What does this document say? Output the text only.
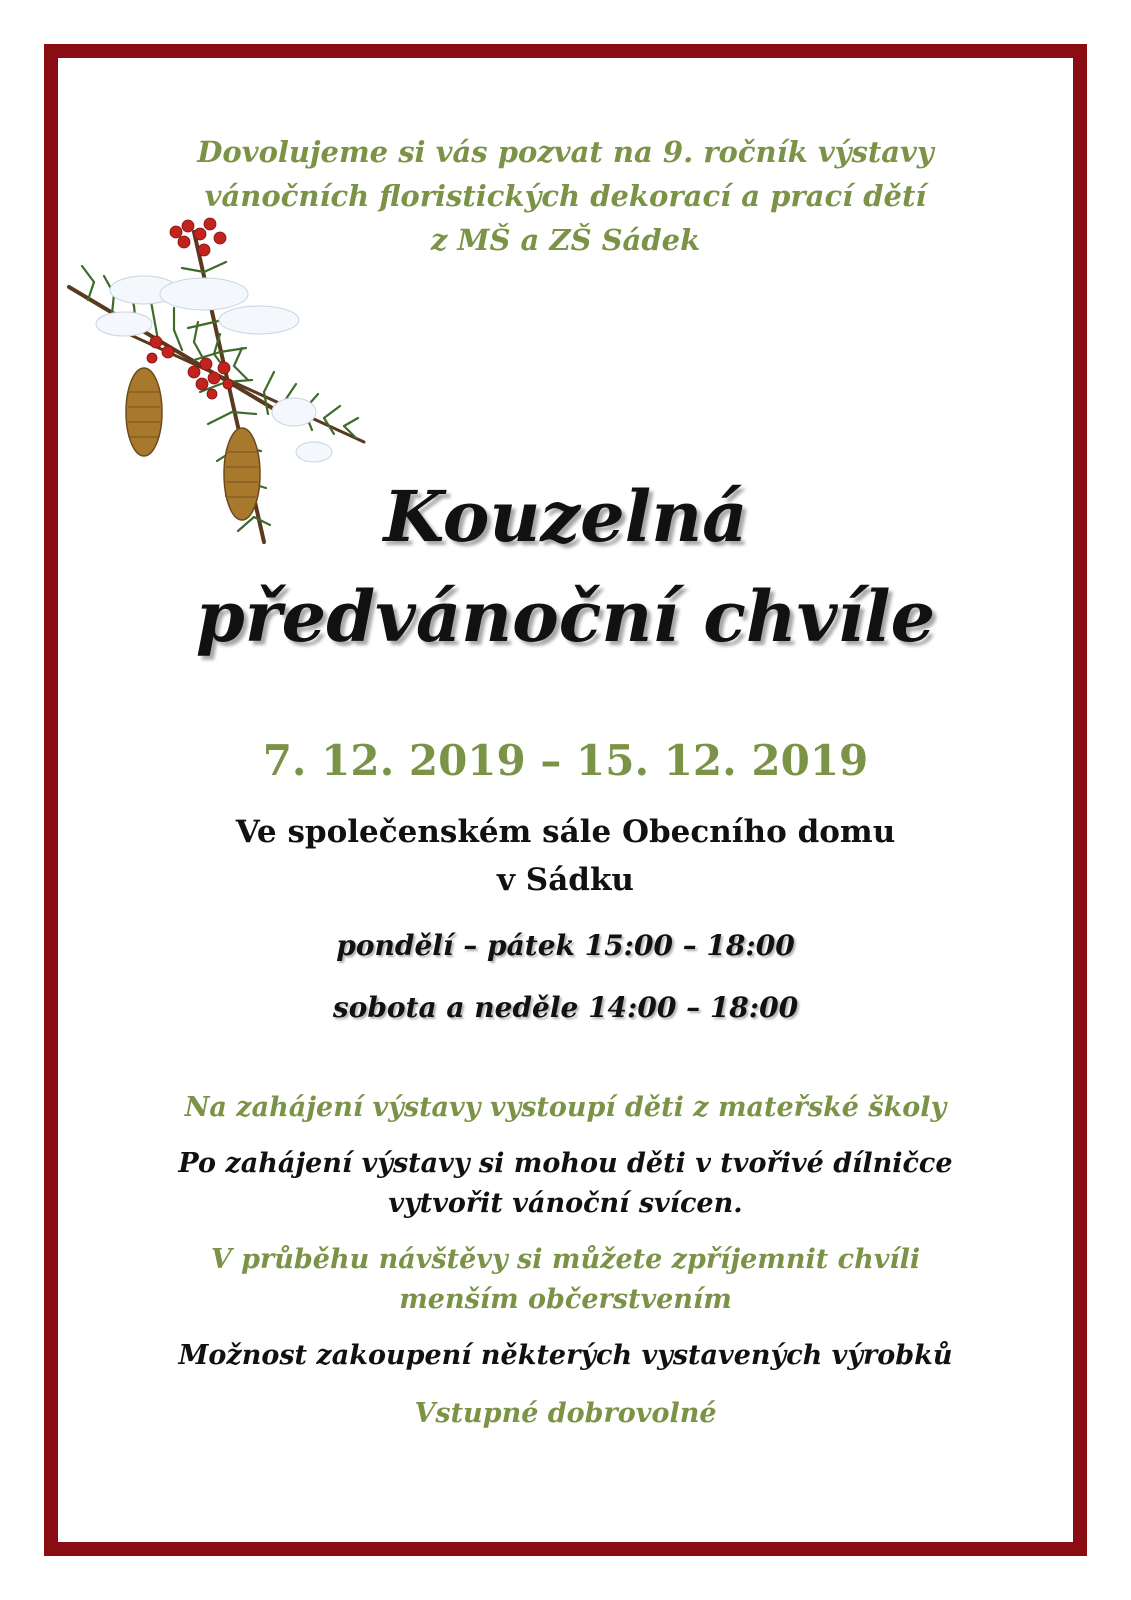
Dovolujeme si vás pozvat na 9. ročník výstavy

vánočních floristických dekorací a prací dětí

z MŠ a ZŠ Sádek

Kouzelná
předvánoční chvíle

7. 12. 2019 – 15. 12. 2019

Ve společenském sále Obecního domu

v Sádku

pondělí – pátek 15:00 – 18:00

sobota a neděle 14:00 – 18:00

Na zahájení výstavy vystoupí děti z mateřské školy

Po zahájení výstavy si mohou děti v tvořivé dílničce

vytvořit vánoční svícen.

V průběhu návštěvy si můžete zpříjemnit chvíli

menším občerstvením

Možnost zakoupení některých vystavených výrobků

Vstupné dobrovolné
